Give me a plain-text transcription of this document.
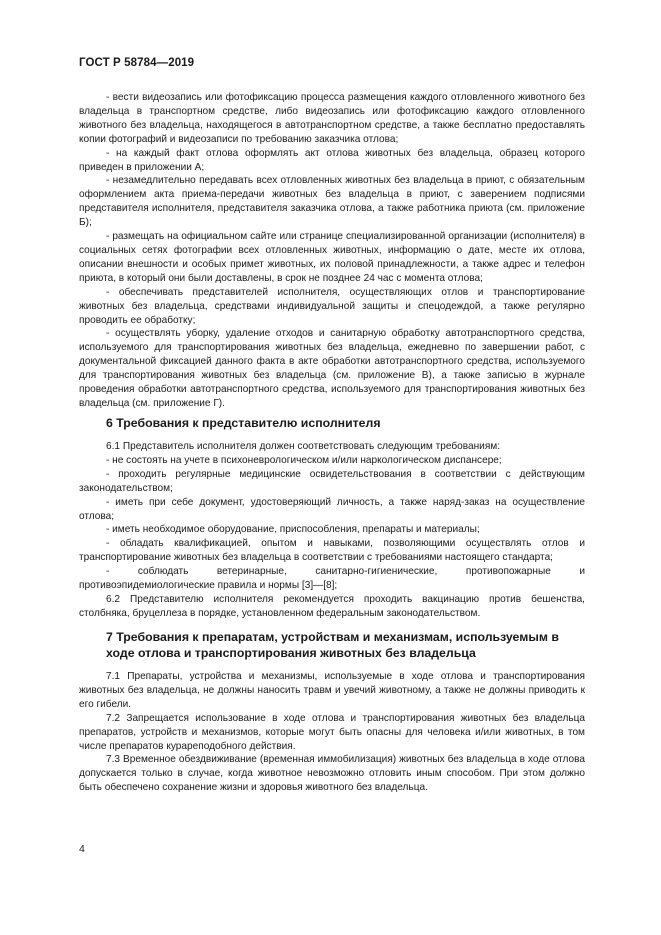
ГОСТ Р 58784—2019

- вести видеозапись или фотофиксацию процесса размещения каждого отловленного животного без владельца в транспортном средстве, либо видеозапись или фотофиксацию каждого отловленного животного без владельца, находящегося в автотранспортном средстве, а также бесплатно предоставлять копии фотографий и видеозаписи по требованию заказчика отлова;

- на каждый факт отлова оформлять акт отлова животных без владельца, образец которого приведен в приложении А;

- незамедлительно передавать всех отловленных животных без владельца в приют, с обязательным оформлением акта приема-передачи животных без владельца в приют, с заверением подписями представителя исполнителя, представителя заказчика отлова, а также работника приюта (см. приложение Б);

- размещать на официальном сайте или странице специализированной организации (исполнителя) в социальных сетях фотографии всех отловленных животных, информацию о дате, месте их отлова, описании внешности и особых примет животных, их половой принадлежности, а также адрес и телефон приюта, в который они были доставлены, в срок не позднее 24 час с момента отлова;

- обеспечивать представителей исполнителя, осуществляющих отлов и транспортирование животных без владельца, средствами индивидуальной защиты и спецодеждой, а также регулярно проводить ее обработку;

- осуществлять уборку, удаление отходов и санитарную обработку автотранспортного средства, используемого для транспортирования животных без владельца, ежедневно по завершении работ, с документальной фиксацией данного факта в акте обработки автотранспортного средства, используемого для транспортирования животных без владельца (см. приложение В), а также записью в журнале проведения обработки автотранспортного средства, используемого для транспортирования животных без владельца (см. приложение Г).

6 Требования к представителю исполнителя

6.1 Представитель исполнителя должен соответствовать следующим требованиям:

- не состоять на учете в психоневрологическом и/или наркологическом диспансере;

- проходить регулярные медицинские освидетельствования в соответствии с действующим законодательством;

- иметь при себе документ, удостоверяющий личность, а также наряд-заказ на осуществление отлова;

- иметь необходимое оборудование, приспособления, препараты и материалы;

- обладать квалификацией, опытом и навыками, позволяющими осуществлять отлов и транспортирование животных без владельца в соответствии с требованиями настоящего стандарта;

- соблюдать ветеринарные, санитарно-гигиенические, противопожарные и противоэпидемиологические правила и нормы [3]—[8];

6.2 Представителю исполнителя рекомендуется проходить вакцинацию против бешенства, столбняка, бруцеллеза в порядке, установленном федеральным законодательством.

7 Требования к препаратам, устройствам и механизмам, используемым в ходе отлова и транспортирования животных без владельца

7.1 Препараты, устройства и механизмы, используемые в ходе отлова и транспортирования животных без владельца, не должны наносить травм и увечий животному, а также не должны приводить к его гибели.

7.2 Запрещается использование в ходе отлова и транспортирования животных без владельца препаратов, устройств и механизмов, которые могут быть опасны для человека и/или животных, в том числе препаратов курареподобного действия.

7.3 Временное обездвиживание (временная иммобилизация) животных без владельца в ходе отлова допускается только в случае, когда животное невозможно отловить иным способом. При этом должно быть обеспечено сохранение жизни и здоровья животного без владельца.

4
